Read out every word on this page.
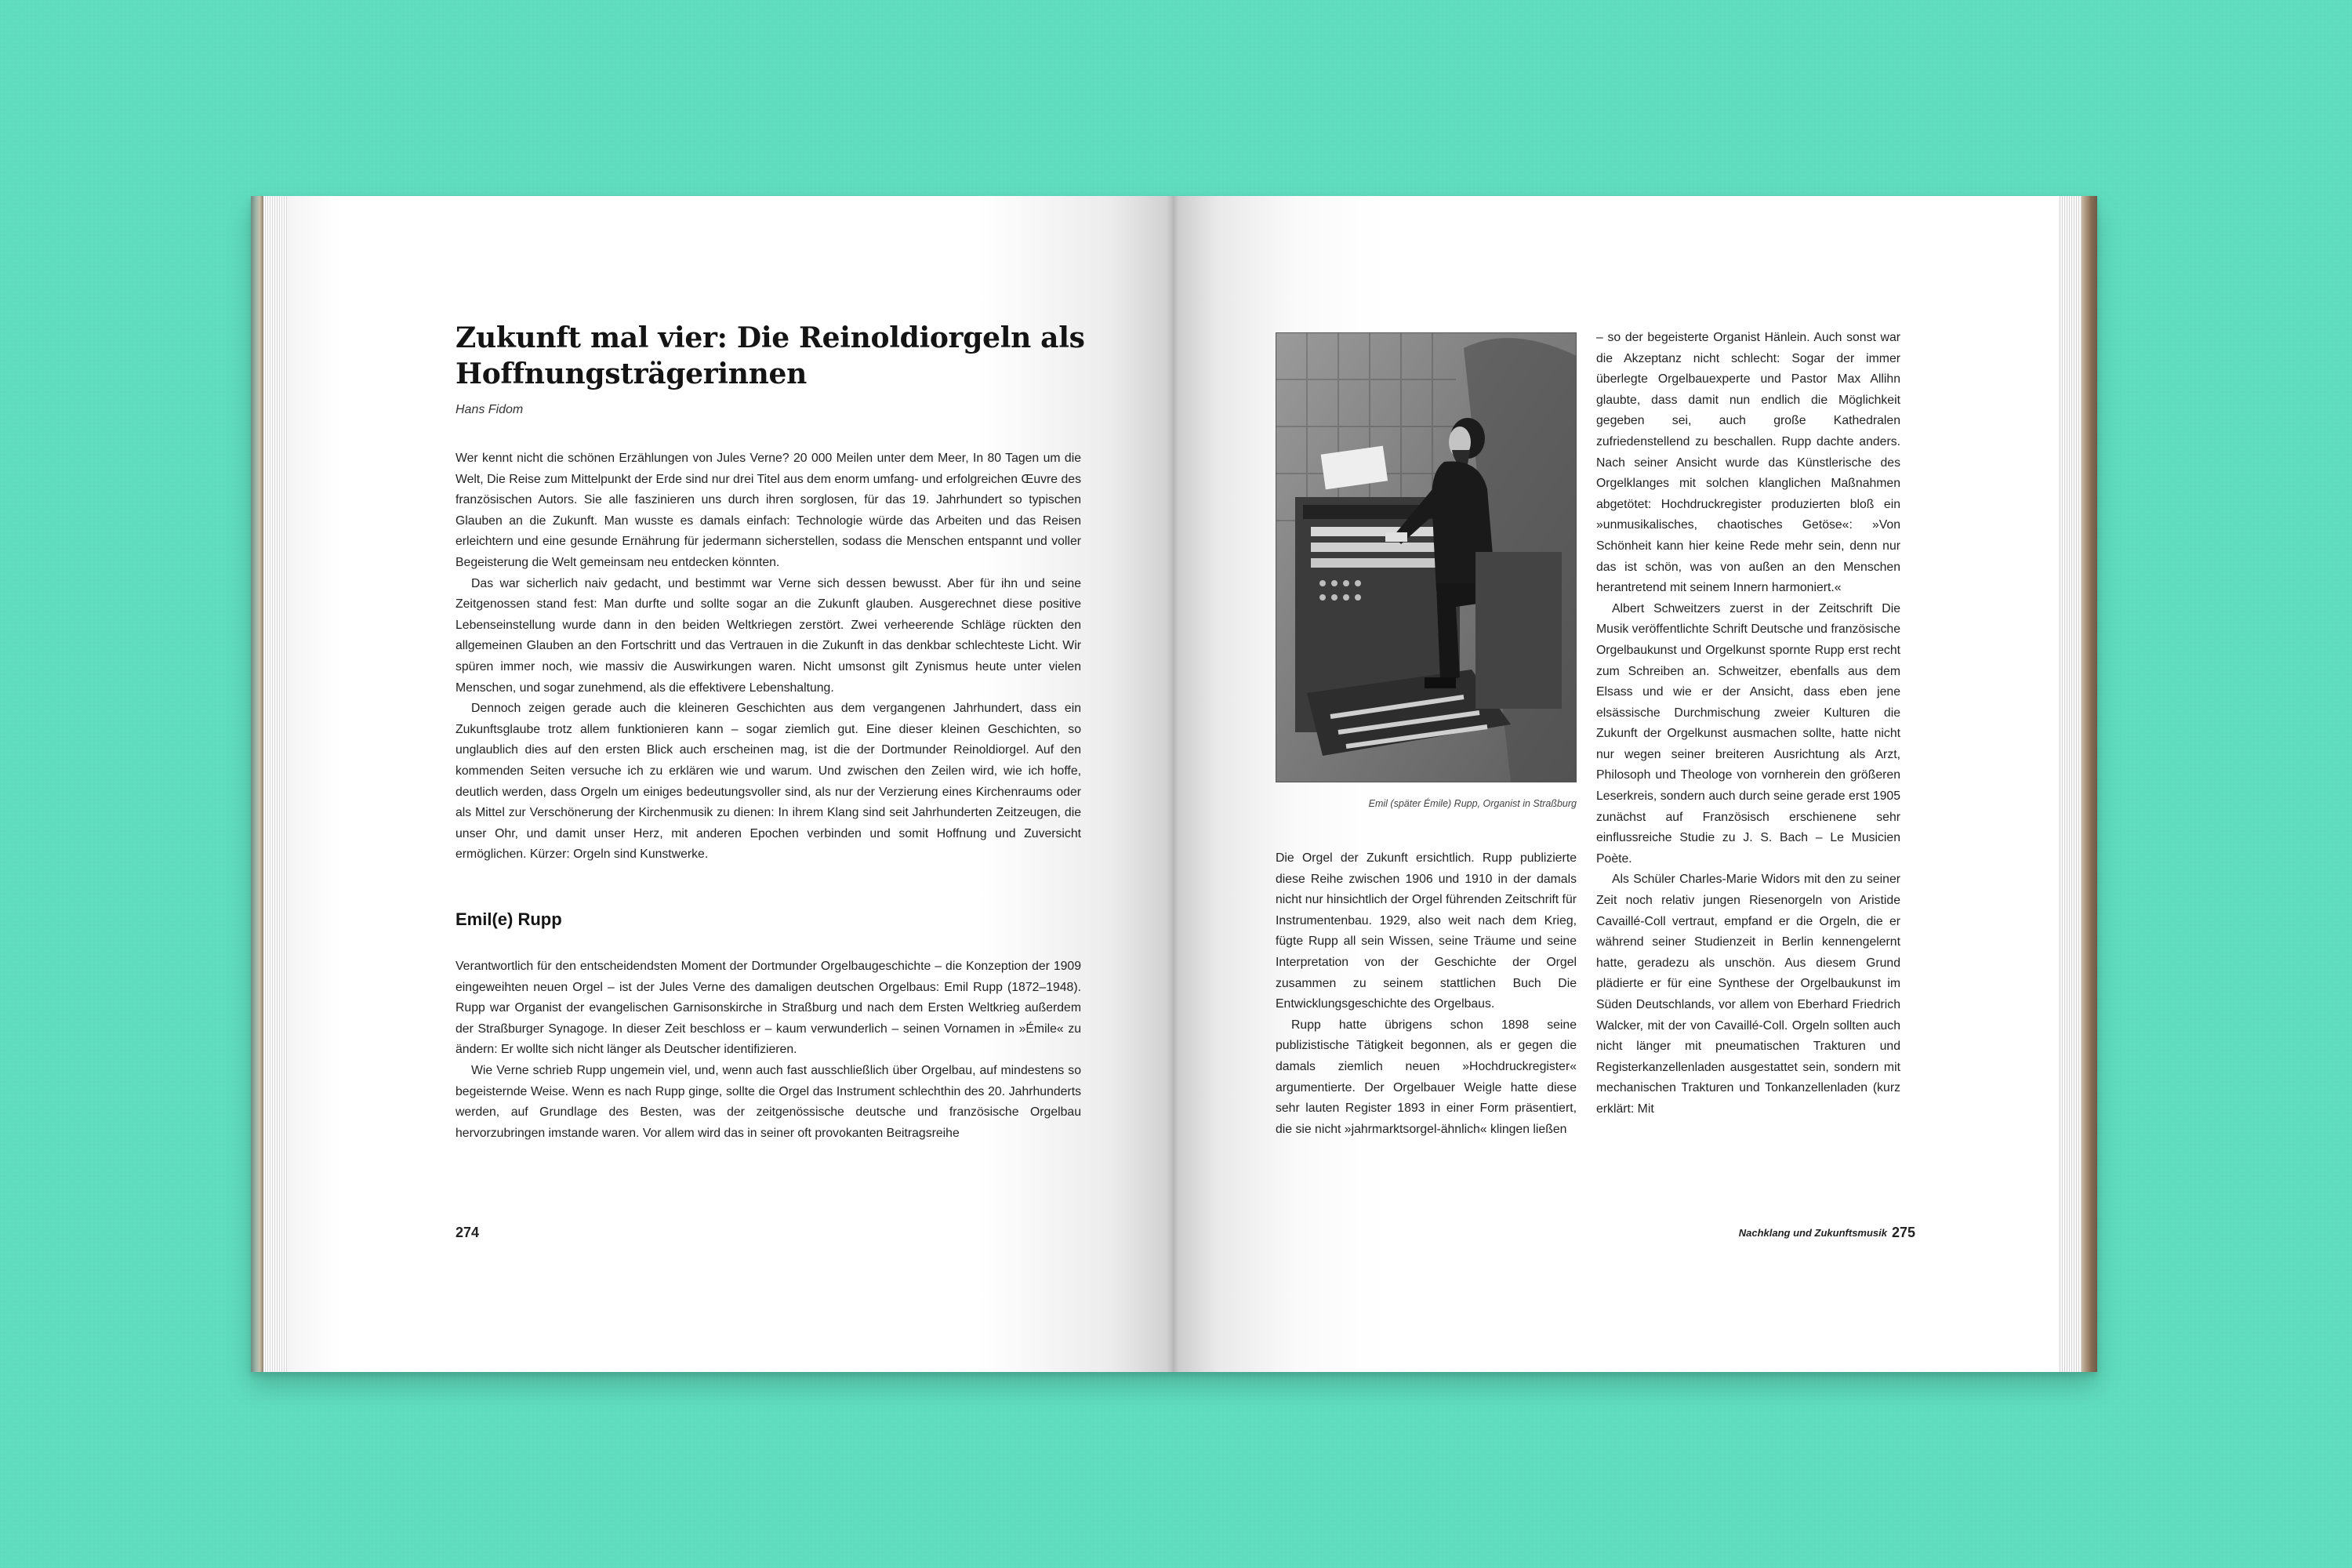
Zukunft mal vier: Die Reinoldiorgeln als Hoffnungsträgerinnen
Hans Fidom

Wer kennt nicht die schönen Erzählungen von Jules Verne? 20 000 Meilen unter dem Meer, In 80 Tagen um die Welt, Die Reise zum Mittelpunkt der Erde sind nur drei Titel aus dem enorm umfang- und erfolgreichen Œuvre des französischen Autors. Sie alle faszinieren uns durch ihren sorglosen, für das 19. Jahrhundert so typischen Glauben an die Zukunft. Man wusste es damals einfach: Technologie würde das Arbeiten und das Reisen erleichtern und eine gesunde Ernährung für jedermann sicherstellen, sodass die Menschen entspannt und voller Begeisterung die Welt gemeinsam neu entdecken könnten.

Das war sicherlich naiv gedacht, und bestimmt war Verne sich dessen bewusst. Aber für ihn und seine Zeitgenossen stand fest: Man durfte und sollte sogar an die Zukunft glauben. Ausgerechnet diese positive Lebenseinstellung wurde dann in den beiden Weltkriegen zerstört. Zwei verheerende Schläge rückten den allgemeinen Glauben an den Fortschritt und das Vertrauen in die Zukunft in das denkbar schlechteste Licht. Wir spüren immer noch, wie massiv die Auswirkungen waren. Nicht umsonst gilt Zynismus heute unter vielen Menschen, und sogar zunehmend, als die effektivere Lebenshaltung.

Dennoch zeigen gerade auch die kleineren Geschichten aus dem vergangenen Jahrhundert, dass ein Zukunftsglaube trotz allem funktionieren kann – sogar ziemlich gut. Eine dieser kleinen Geschichten, so unglaublich dies auf den ersten Blick auch erscheinen mag, ist die der Dortmunder Reinoldiorgel. Auf den kommenden Seiten versuche ich zu erklären wie und warum. Und zwischen den Zeilen wird, wie ich hoffe, deutlich werden, dass Orgeln um einiges bedeutungsvoller sind, als nur der Verzierung eines Kirchenraums oder als Mittel zur Verschönerung der Kirchenmusik zu dienen: In ihrem Klang sind seit Jahrhunderten Zeitzeugen, die unser Ohr, und damit unser Herz, mit anderen Epochen verbinden und somit Hoffnung und Zuversicht ermöglichen. Kürzer: Orgeln sind Kunstwerke.

Emil(e) Rupp

Verantwortlich für den entscheidendsten Moment der Dortmunder Orgelbaugeschichte – die Konzeption der 1909 eingeweihten neuen Orgel – ist der Jules Verne des damaligen deutschen Orgelbaus: Emil Rupp (1872–1948). Rupp war Organist der evangelischen Garnisonskirche in Straßburg und nach dem Ersten Weltkrieg außerdem der Straßburger Synagoge. In dieser Zeit beschloss er – kaum verwunderlich – seinen Vornamen in »Émile« zu ändern: Er wollte sich nicht länger als Deutscher identifizieren.

Wie Verne schrieb Rupp ungemein viel, und, wenn auch fast ausschließlich über Orgelbau, auf mindestens so begeisternde Weise. Wenn es nach Rupp ginge, sollte die Orgel das Instrument schlechthin des 20. Jahrhunderts werden, auf Grundlage des Besten, was der zeitgenössische deutsche und französische Orgelbau hervorzubringen imstande waren. Vor allem wird das in seiner oft provokanten Beitragsreihe

274

Emil (später Émile) Rupp, Organist in Straßburg

Die Orgel der Zukunft ersichtlich. Rupp publizierte diese Reihe zwischen 1906 und 1910 in der damals nicht nur hinsichtlich der Orgel führenden Zeitschrift für Instrumentenbau. 1929, also weit nach dem Krieg, fügte Rupp all sein Wissen, seine Träume und seine Interpretation von der Geschichte der Orgel zusammen zu seinem stattlichen Buch Die Entwicklungsgeschichte des Orgelbaus.

Rupp hatte übrigens schon 1898 seine publizistische Tätigkeit begonnen, als er gegen die damals ziemlich neuen »Hochdruckregister« argumentierte. Der Orgelbauer Weigle hatte diese sehr lauten Register 1893 in einer Form präsentiert, die sie nicht »jahrmarktsorgel-ähnlich« klingen ließen

– so der begeisterte Organist Hänlein. Auch sonst war die Akzeptanz nicht schlecht: Sogar der immer überlegte Orgelbauexperte und Pastor Max Allihn glaubte, dass damit nun endlich die Möglichkeit gegeben sei, auch große Kathedralen zufriedenstellend zu beschallen. Rupp dachte anders. Nach seiner Ansicht wurde das Künstlerische des Orgelklanges mit solchen klanglichen Maßnahmen abgetötet: Hochdruckregister produzierten bloß ein »unmusikalisches, chaotisches Getöse«: »Von Schönheit kann hier keine Rede mehr sein, denn nur das ist schön, was von außen an den Menschen herantretend mit seinem Innern harmoniert.«

Albert Schweitzers zuerst in der Zeitschrift Die Musik veröffentlichte Schrift Deutsche und französische Orgelbaukunst und Orgelkunst spornte Rupp erst recht zum Schreiben an. Schweitzer, ebenfalls aus dem Elsass und wie er der Ansicht, dass eben jene elsässische Durchmischung zweier Kulturen die Zukunft der Orgelkunst ausmachen sollte, hatte nicht nur wegen seiner breiteren Ausrichtung als Arzt, Philosoph und Theologe von vornherein den größeren Leserkreis, sondern auch durch seine gerade erst 1905 zunächst auf Französisch erschienene sehr einflussreiche Studie zu J. S. Bach – Le Musicien Poète.

Als Schüler Charles-Marie Widors mit den zu seiner Zeit noch relativ jungen Riesenorgeln von Aristide Cavaillé-Coll vertraut, empfand er die Orgeln, die er während seiner Studienzeit in Berlin kennengelernt hatte, geradezu als unschön. Aus diesem Grund plädierte er für eine Synthese der Orgelbaukunst im Süden Deutschlands, vor allem von Eberhard Friedrich Walcker, mit der von Cavaillé-Coll. Orgeln sollten auch nicht länger mit pneumatischen Trakturen und Registerkanzellenladen ausgestattet sein, sondern mit mechanischen Trakturen und Tonkanzellenladen (kurz erklärt: Mit

Nachklang und Zukunftsmusik 275
